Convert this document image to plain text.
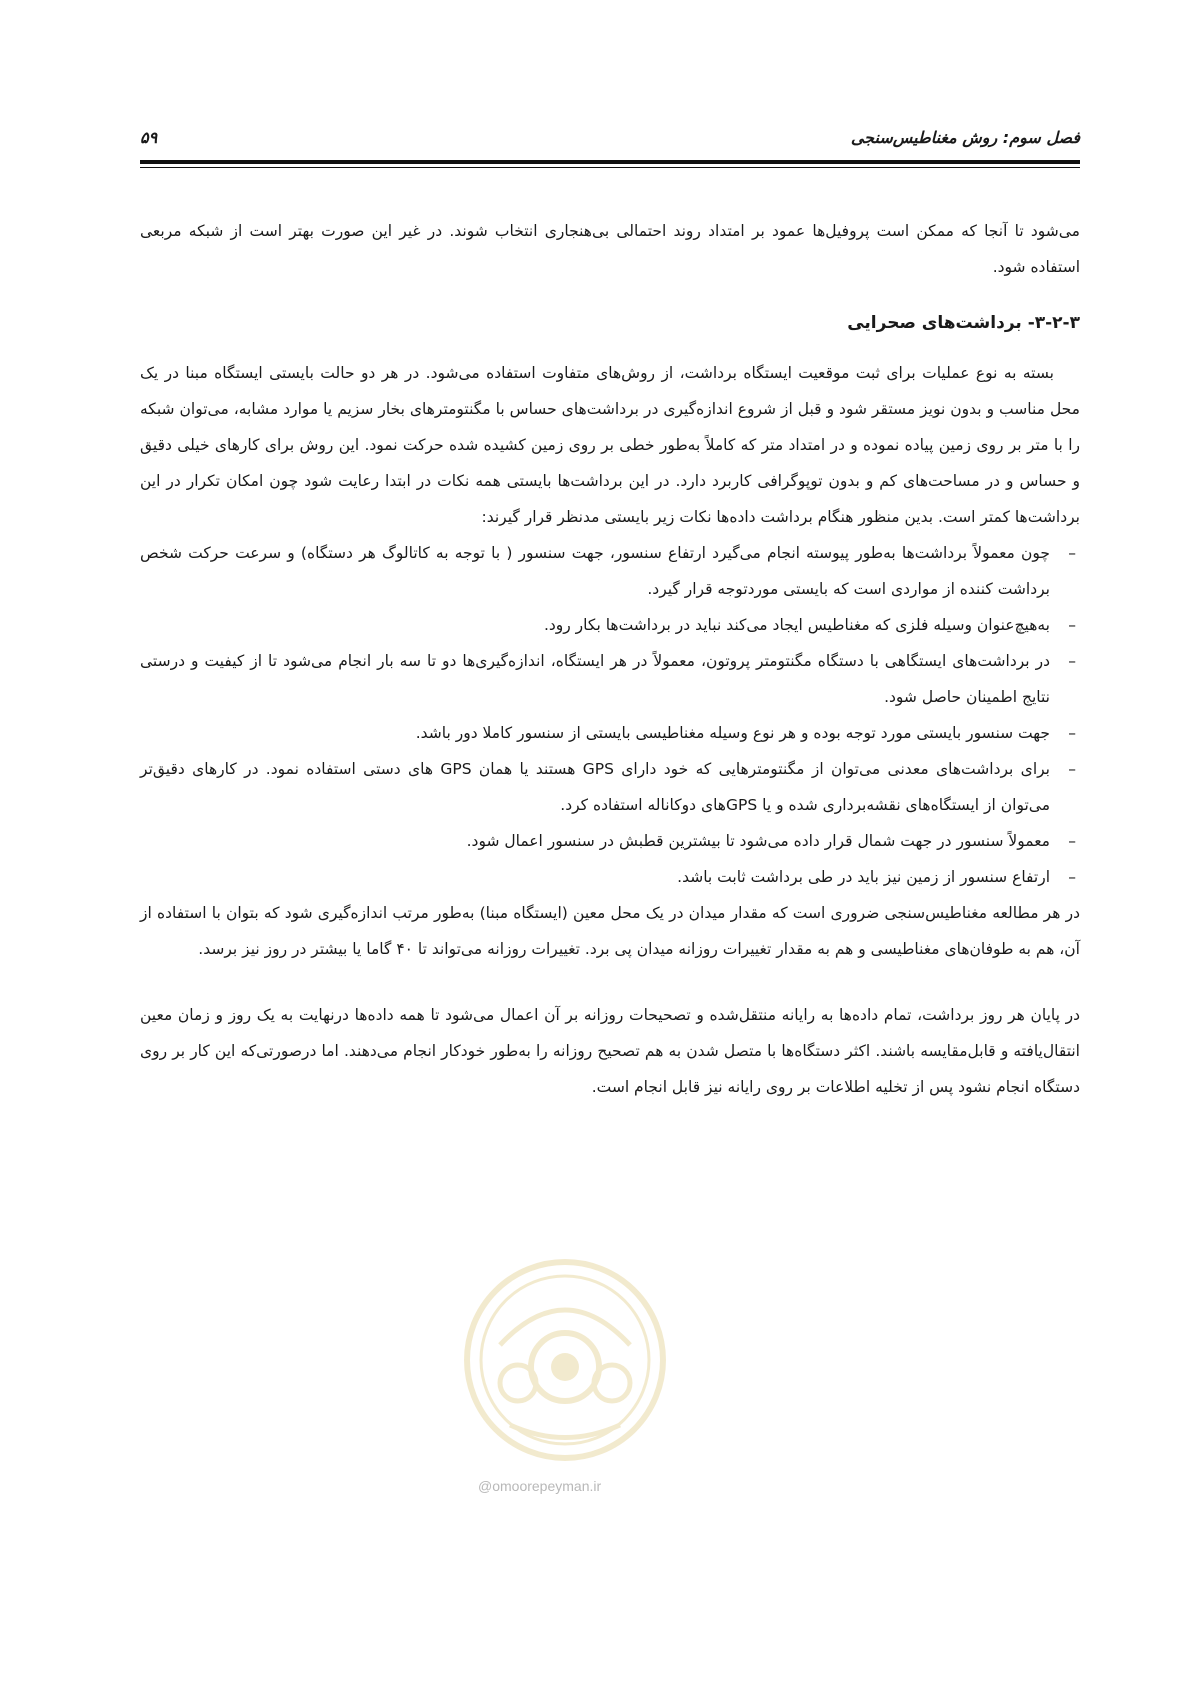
فصل سوم: روش مغناطیس‌سنجی
۵۹

می‌شود تا آنجا که ممکن است پروفیل‌ها عمود بر امتداد روند احتمالی بی‌هنجاری انتخاب شوند. در غیر این صورت بهتر است از شبکه مربعی استفاده شود.

۳-۲-۳- برداشت‌های صحرایی

بسته به نوع عملیات برای ثبت موقعیت ایستگاه برداشت، از روش‌های متفاوت استفاده می‌شود. در هر دو حالت بایستی ایستگاه مبنا در یک محل مناسب و بدون نویز مستقر شود و قبل از شروع اندازه‌گیری در برداشت‌های حساس با مگنتومترهای بخار سزیم یا موارد مشابه، می‌توان شبکه را با متر بر روی زمین پیاده نموده و در امتداد متر که کاملاً به‌طور خطی بر روی زمین کشیده شده حرکت نمود. این روش برای کارهای خیلی دقیق و حساس و در مساحت‌های کم و بدون توپوگرافی کاربرد دارد. در این برداشت‌ها بایستی همه نکات در ابتدا رعایت شود چون امکان تکرار در این برداشت‌ها کمتر است. بدین منظور هنگام برداشت داده‌ها نکات زیر بایستی مدنظر قرار گیرند:

–
چون معمولاً برداشت‌ها به‌طور پیوسته انجام می‌گیرد ارتفاع سنسور، جهت سنسور ( با توجه به کاتالوگ هر دستگاه) و سرعت حرکت شخص برداشت کننده از مواردی است که بایستی موردتوجه قرار گیرد.
–
به‌هیچ‌عنوان وسیله فلزی که مغناطیس ایجاد می‌کند نباید در برداشت‌ها بکار رود.
–
در برداشت‌های ایستگاهی با دستگاه مگنتومتر پروتون، معمولاً در هر ایستگاه، اندازه‌گیری‌ها دو تا سه بار انجام می‌شود تا از کیفیت و درستی نتایج اطمینان حاصل شود.
–
جهت سنسور بایستی مورد توجه بوده و هر نوع وسیله مغناطیسی بایستی از سنسور کاملا دور باشد.
–
برای برداشت‌های معدنی می‌توان از مگنتومترهایی که خود دارای GPS هستند یا همان GPS های دستی استفاده نمود. در کارهای دقیق‌تر می‌توان از ایستگاه‌های نقشه‌برداری شده و یا GPSهای دوکاناله استفاده کرد.
–
معمولاً سنسور در جهت شمال قرار داده می‌شود تا بیشترین قطبش در سنسور اعمال شود.
–
ارتفاع سنسور از زمین نیز باید در طی برداشت ثابت باشد.

در هر مطالعه مغناطیس‌سنجی ضروری است که مقدار میدان در یک محل معین (ایستگاه مبنا) به‌طور مرتب اندازه‌گیری شود که بتوان با استفاده از آن، هم به طوفان‌های مغناطیسی و هم به مقدار تغییرات روزانه میدان پی برد. تغییرات روزانه می‌تواند تا ۴۰ گاما یا بیشتر در روز نیز برسد.

در پایان هر روز برداشت، تمام داده‌ها به رایانه منتقل‌شده و تصحیحات روزانه بر آن اعمال می‌شود تا همه داده‌ها درنهایت به یک روز و زمان معین انتقال‌یافته و قابل‌مقایسه باشند. اکثر دستگاه‌ها با متصل شدن به هم تصحیح روزانه را به‌طور خودکار انجام می‌دهند. اما درصورتی‌که این کار بر روی دستگاه انجام نشود پس از تخلیه اطلاعات بر روی رایانه نیز قابل انجام است.

@omoorepeyman.ir
